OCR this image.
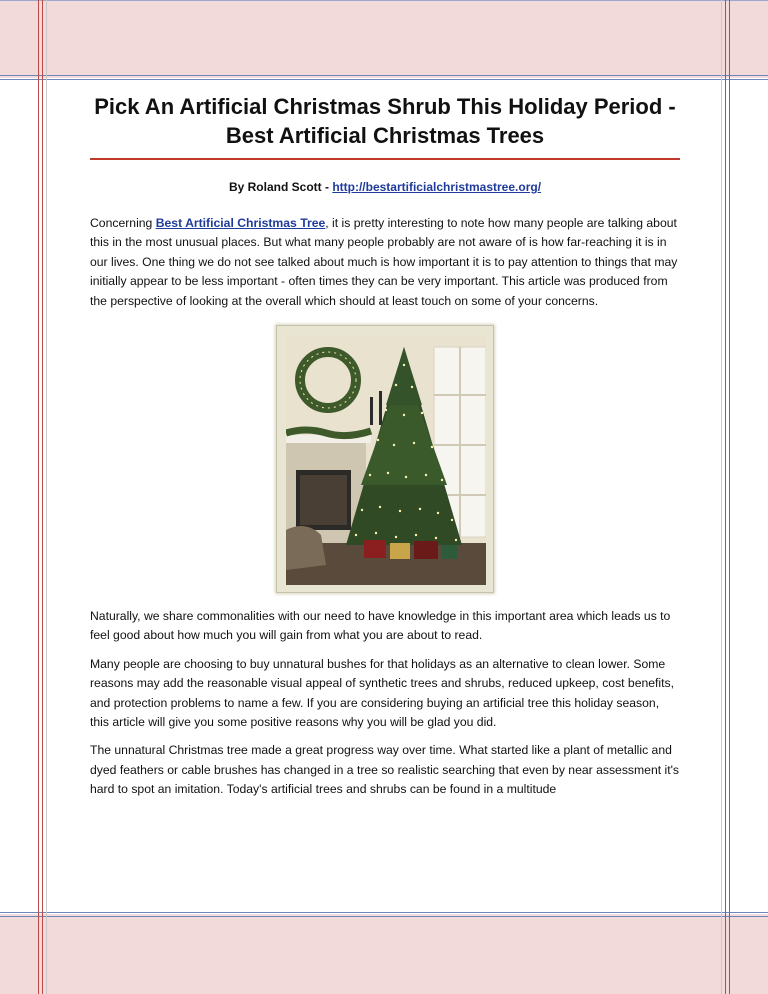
Pick An Artificial Christmas Shrub This Holiday Period - Best Artificial Christmas Trees
By Roland Scott - http://bestartificialchristmastree.org/

Concerning Best Artificial Christmas Tree, it is pretty interesting to note how many people are talking about this in the most unusual places. But what many people probably are not aware of is how far-reaching it is in our lives. One thing we do not see talked about much is how important it is to pay attention to things that may initially appear to be less important - often times they can be very important. This article was produced from the perspective of looking at the overall which should at least touch on some of your concerns.

Naturally, we share commonalities with our need to have knowledge in this important area which leads us to feel good about how much you will gain from what you are about to read.

Many people are choosing to buy unnatural bushes for that holidays as an alternative to clean lower. Some reasons may add the reasonable visual appeal of synthetic trees and shrubs, reduced upkeep, cost benefits, and protection problems to name a few. If you are considering buying an artificial tree this holiday season, this article will give you some positive reasons why you will be glad you did.

The unnatural Christmas tree made a great progress way over time. What started like a plant of metallic and dyed feathers or cable brushes has changed in a tree so realistic searching that even by near assessment it's hard to spot an imitation. Today's artificial trees and shrubs can be found in a multitude
